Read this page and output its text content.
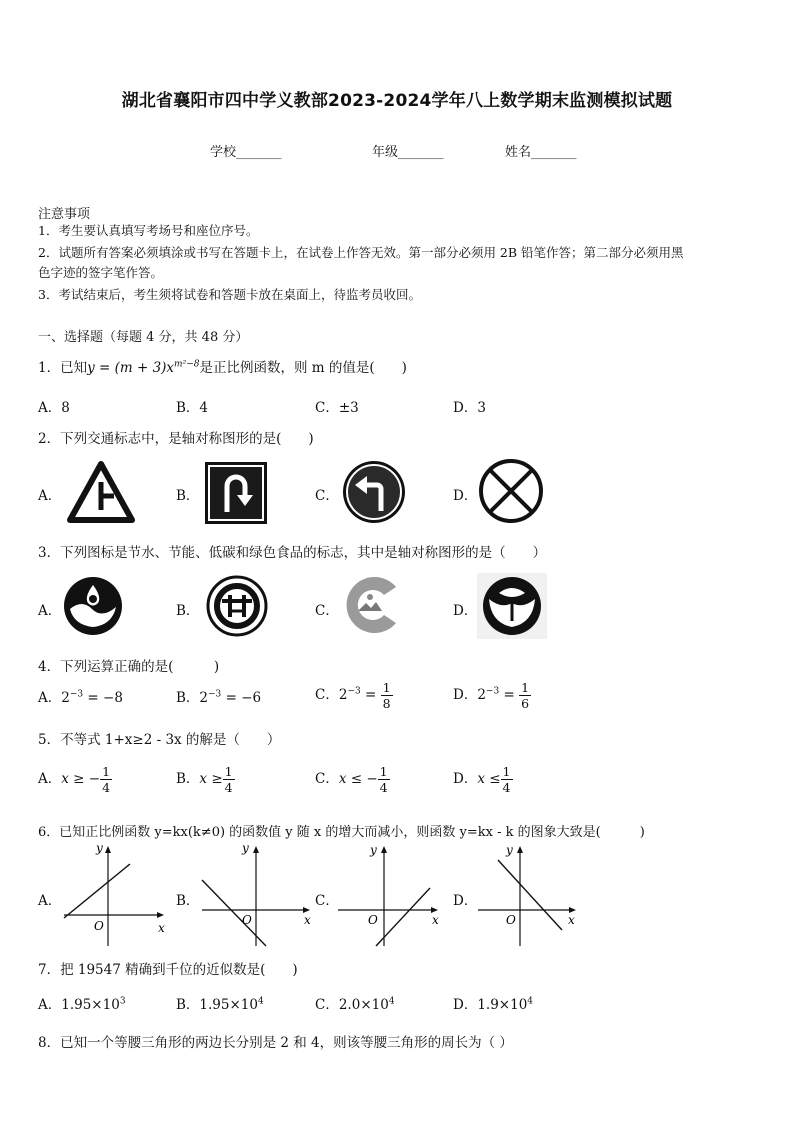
湖北省襄阳市四中学义教部2023-2024学年八上数学期末监测模拟试题
学校_______	年级_______	姓名_______
注意事项
1．考生要认真填写考场号和座位序号。
2．试题所有答案必须填涂或书写在答题卡上，在试卷上作答无效。第一部分必须用 2B 铅笔作答；第二部分必须用黑
色字迹的签字笔作答。
3．考试结束后，考生须将试卷和答题卡放在桌面上，待监考员收回。
一、选择题（每题 4 分，共 48 分）
1．已知$y = (m + 3)x^{m^2-8}$是正比例函数，则 m 的值是(　　)
A．8	B．4	C．±3	D．3
2．下列交通标志中，是轴对称图形的是(　　)
A．	B．	C．	D．
3．下列图标是节水、节能、低碳和绿色食品的标志，其中是轴对称图形的是（　　）
A．	B．	C．	D．
4．下列运算正确的是(　　　)
A．$2^{-3} = -8$	B．$2^{-3} = -6$	C．$2^{-3} = \frac{1}{8}$	D．$2^{-3} = \frac{1}{6}$
5．不等式 1+x≥2 - 3x 的解是（　　）
A．x ≥ − $\frac{1}{4}$	B．$x \ge \frac{1}{4}$	C．x ≤ − $\frac{1}{4}$	D．$x \le \frac{1}{4}$
6．已知正比例函数 y=kx(k≠0) 的函数值 y 随 x 的增大而减小，则函数 y=kx - k 的图象大致是(　　　)
A．	B．	C．	D．
y
x
O
y
x
O
y
x
O
y
x
O
7．把 19547 精确到千位的近似数是(　　)
A．$1.95\times 10^3$	B．$1.95\times 10^4$	C．$2.0\times 10^4$	D．$1.9\times 10^4$
8．已知一个等腰三角形的两边长分别是 2 和 4，则该等腰三角形的周长为（ ）
